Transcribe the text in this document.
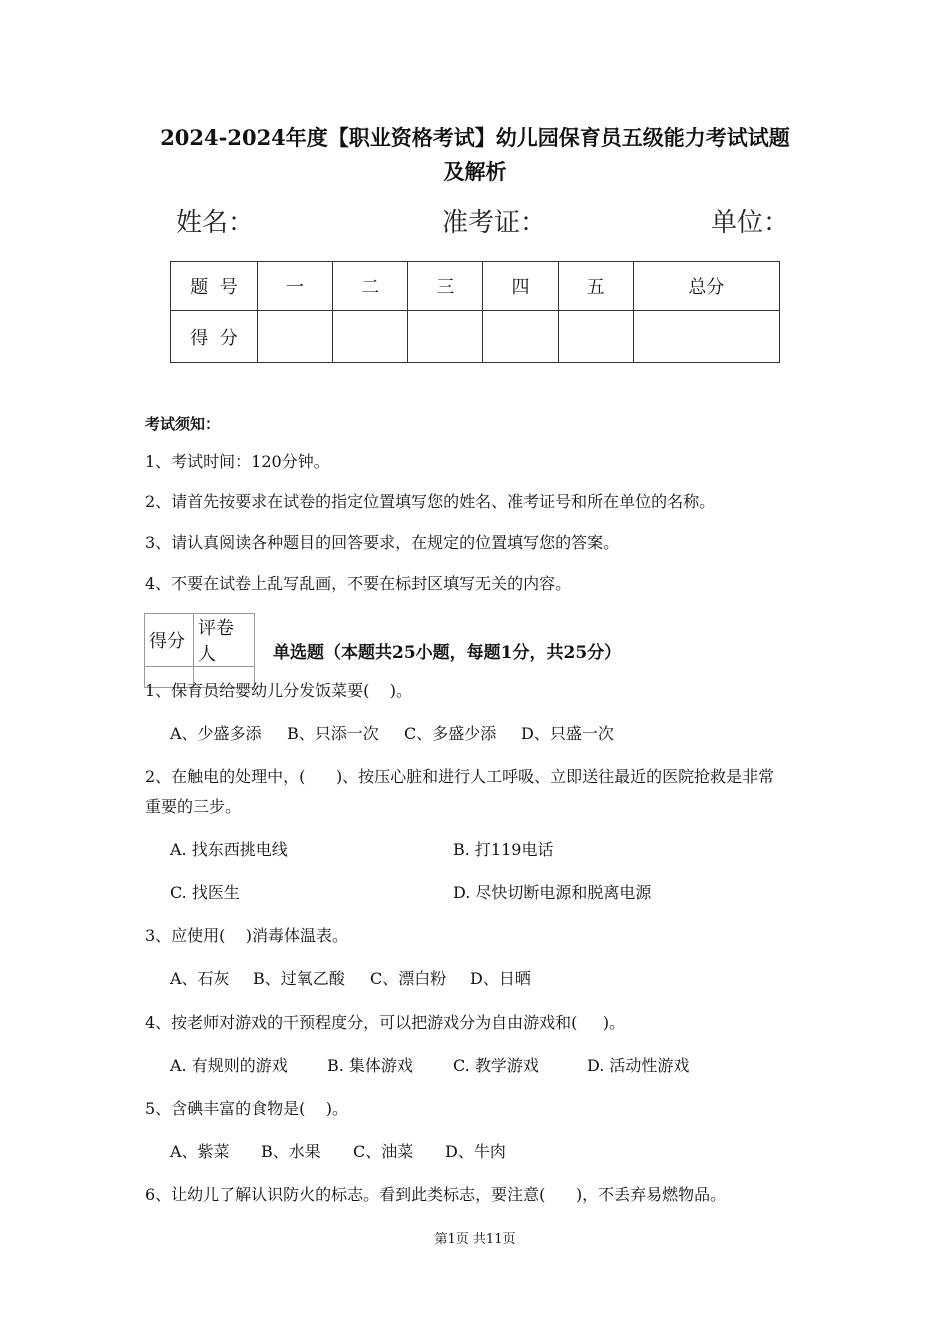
2024-2024年度【职业资格考试】幼儿园保育员五级能力考试试题
及解析
姓名：	准考证：	单位：
题  号	一	二	三	四	五	总分
得  分						
考试须知：
1、考试时间：120分钟。
2、请首先按要求在试卷的指定位置填写您的姓名、准考证号和所在单位的名称。
3、请认真阅读各种题目的回答要求，在规定的位置填写您的答案。
4、不要在试卷上乱写乱画，不要在标封区填写无关的内容。
得分	评卷人
		单选题（本题共25小题，每题1分，共25分）
1、保育员给婴幼儿分发饭菜要(    )。
A、少盛多添 B、只添一次 C、多盛少添 D、只盛一次
2、在触电的处理中，(      )、按压心脏和进行人工呼吸、立即送往最近的医院抢救是非常
重要的三步。
A. 找东西挑电线	B. 打119电话
C. 找医生	D. 尽快切断电源和脱离电源
3、应使用(    )消毒体温表。
A、石灰 B、过氧乙酸 C、漂白粉 D、日晒
4、按老师对游戏的干预程度分，可以把游戏分为自由游戏和(     )。
A. 有规则的游戏 B. 集体游戏	C. 教学游戏	D. 活动性游戏
5、含碘丰富的食物是(    )。
A、紫菜 B、水果 C、油菜 D、牛肉
6、让幼儿了解认识防火的标志。看到此类标志，要注意(      )，不丢弃易燃物品。
第1页 共11页
